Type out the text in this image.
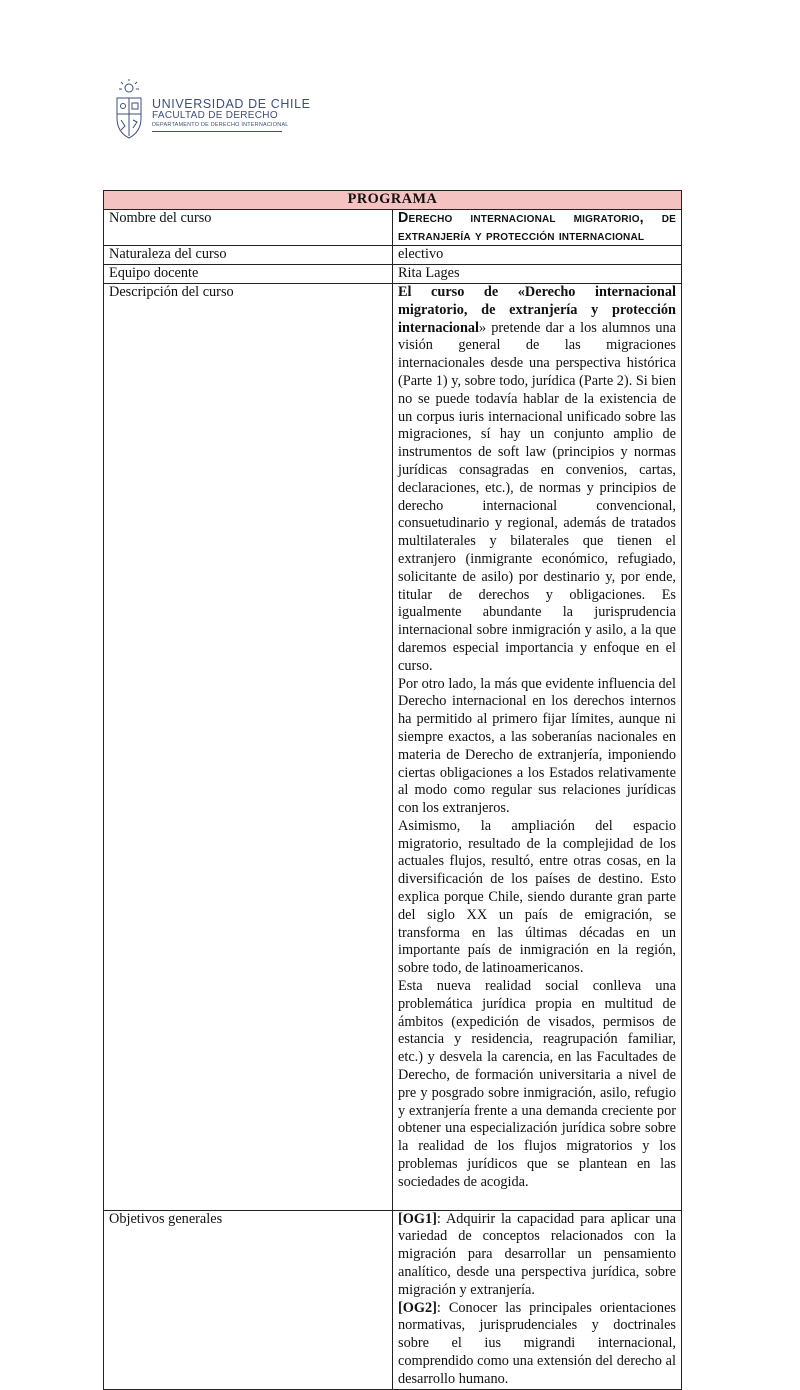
UNIVERSIDAD DE CHILE
FACULTAD DE DERECHO
DEPARTAMENTO DE DERECHO INTERNACIONAL
PROGRAMA	
Nombre del curso	Derecho internacional migratorio, de extranjería y protección internacional
Naturaleza del curso	electivo
Equipo docente	Rita Lages
Descripción del curso	El curso de «Derecho internacional migratorio, de extranjería y protección internacional» pretende dar a los alumnos una visión general de las migraciones internacionales desde una perspectiva histórica (Parte 1) y, sobre todo, jurídica (Parte 2). Si bien no se puede todavía hablar de la existencia de un corpus iuris internacional unificado sobre las migraciones, sí hay un conjunto amplio de instrumentos de soft law (principios y normas jurídicas consagradas en convenios, cartas, declaraciones, etc.), de normas y principios de derecho internacional convencional, consuetudinario y regional, además de tratados multilaterales y bilaterales que tienen el extranjero (inmigrante económico, refugiado, solicitante de asilo) por destinario y, por ende, titular de derechos y obligaciones. Es igualmente abundante la jurisprudencia internacional sobre inmigración y asilo, a la que daremos especial importancia y enfoque en el curso.

Por otro lado, la más que evidente influencia del Derecho internacional en los derechos internos ha permitido al primero fijar límites, aunque ni siempre exactos, a las soberanías nacionales en materia de Derecho de extranjería, imponiendo ciertas obligaciones a los Estados relativamente al modo como regular sus relaciones jurídicas con los extranjeros.

Asimismo, la ampliación del espacio migratorio, resultado de la complejidad de los actuales flujos, resultó, entre otras cosas, en la diversificación de los países de destino. Esto explica porque Chile, siendo durante gran parte del siglo XX un país de emigración, se transforma en las últimas décadas en un importante país de inmigración en la región, sobre todo, de latinoamericanos.

Esta nueva realidad social conlleva una problemática jurídica propia en multitud de ámbitos (expedición de visados, permisos de estancia y residencia, reagrupación familiar, etc.) y desvela la carencia, en las Facultades de Derecho, de formación universitaria a nivel de pre y posgrado sobre inmigración, asilo, refugio y extranjería frente a una demanda creciente por obtener una especialización jurídica sobre sobre la realidad de los flujos migratorios y los problemas jurídicos que se plantean en las sociedades de acogida.

Objetivos generales	[OG1]: Adquirir la capacidad para aplicar una variedad de conceptos relacionados con la migración para desarrollar un pensamiento analítico, desde una perspectiva jurídica, sobre migración y extranjería.

[OG2]: Conocer las principales orientaciones normativas, jurisprudenciales y doctrinales sobre el ius migrandi internacional, comprendido como una extensión del derecho al desarrollo humano.
